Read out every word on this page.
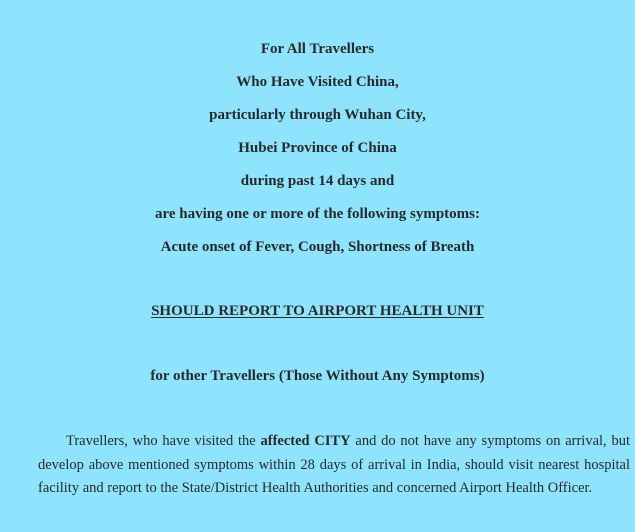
For All Travellers
Who Have Visited China,
particularly through Wuhan City,
Hubei Province of China
during past 14 days and
are having one or more of the following symptoms:
Acute onset of Fever, Cough, Shortness of Breath
SHOULD REPORT TO AIRPORT HEALTH UNIT
for other Travellers (Those Without Any Symptoms)

Travellers, who have visited the affected CITY and do not have any symptoms on arrival, but develop above mentioned symptoms within 28 days of arrival in India, should visit nearest hospital facility and report to the State/District Health Authorities and concerned Airport Health Officer.
